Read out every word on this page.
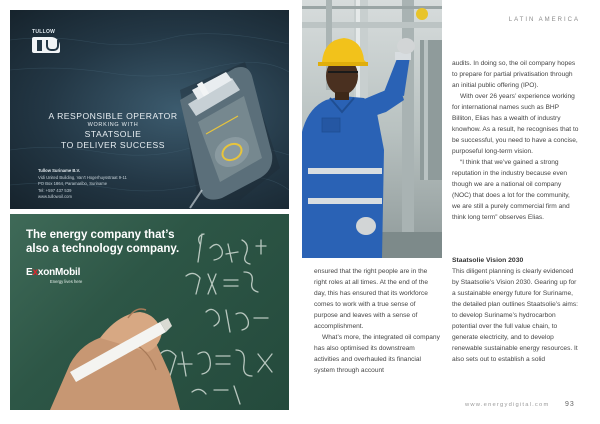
TULLOW
A RESPONSIBLE OPERATOR
WORKING WITH
STAATSOLIE
TO DELIVER SUCCESS
Tullow Suriname B.V.
Vidi United Building, Van't Hogerhuysstraat 9-11
PO Box 1864, Paramaribo, Suriname
Tel: +597 437 539
www.tullowoil.com
The energy company that’s
also a technology company.
ExxonMobil
Energy lives here
LATIN AMERICA

audits. In doing so, the oil company hopes to prepare for partial privatisation through an initial public offering (IPO).

With over 26 years’ experience working for international names such as BHP Billiton, Elias has a wealth of industry knowhow. As a result, he recognises that to be successful, you need to have a concise, purposeful long-term vision.

“I think that we’ve gained a strong reputation in the industry because even though we are a national oil company (NOC) that does a lot for the community, we are still a purely commercial firm and think long term” observes Elias.

ensured that the right people are in the right roles at all times. At the end of the day, this has ensured that its workforce comes to work with a true sense of purpose and leaves with a sense of accomplishment.

What’s more, the integrated oil company has also optimised its downstream activities and overhauled its financial system through account

Staatsolie Vision 2030

This diligent planning is clearly evidenced by Staatsolie’s Vision 2030. Gearing up for a sustainable energy future for Suriname, the detailed plan outlines Staatsolie’s aims: to develop Suriname’s hydrocarbon potential over the full value chain, to generate electricity, and to develop renewable sustainable energy resources. It also sets out to establish a solid

www.energydigital.com 93
